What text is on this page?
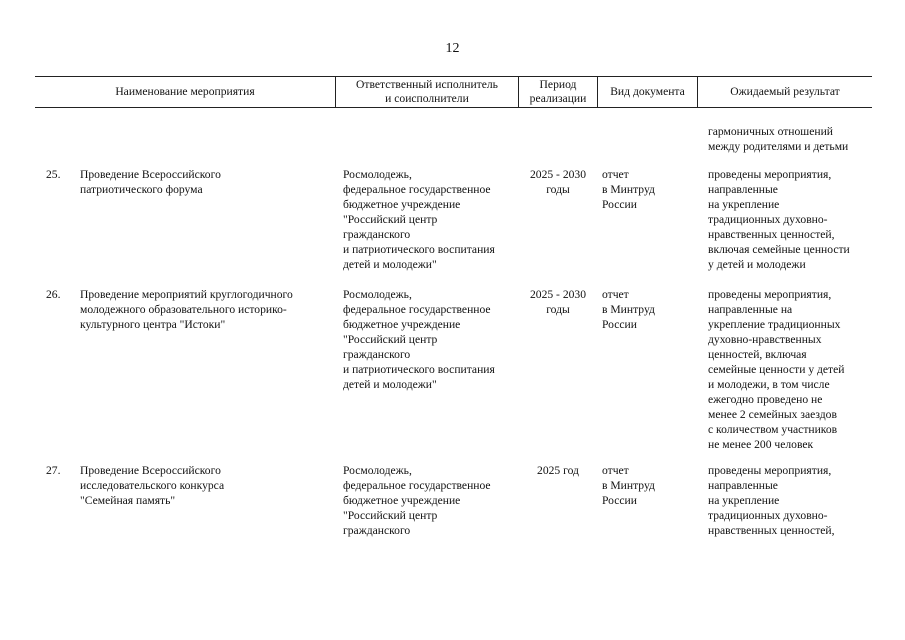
12
Наименование мероприятия
Ответственный исполнитель
и соисполнители
Период
реализации
Вид документа	Ожидаемый результат
гармоничных отношений
между родителями и детьми
25. Проведение Всероссийского
патриотического форума
Росмолодежь,
федеральное государственное
бюджетное учреждение
"Российский центр
гражданского
и патриотического воспитания
детей и молодежи"
2025 - 2030
годы
отчет
в Минтруд
России
проведены мероприятия,
направленные
на укрепление
традиционных духовно-
нравственных ценностей,
включая семейные ценности
у детей и молодежи
26. Проведение мероприятий круглогодичного
молодежного образовательного историко-
культурного центра "Истоки"
Росмолодежь,
федеральное государственное
бюджетное учреждение
"Российский центр
гражданского
и патриотического воспитания
детей и молодежи"
2025 - 2030
годы
отчет
в Минтруд
России
проведены мероприятия,
направленные на
укрепление традиционных
духовно-нравственных
ценностей, включая
семейные ценности у детей
и молодежи, в том числе
ежегодно проведено не
менее 2 семейных заездов
с количеством участников
не менее 200 человек
27. Проведение Всероссийского
исследовательского конкурса
"Семейная память"
Росмолодежь,
федеральное государственное
бюджетное учреждение
"Российский центр
гражданского
2025 год	отчет
в Минтруд
России
проведены мероприятия,
направленные
на укрепление
традиционных духовно-
нравственных ценностей,
